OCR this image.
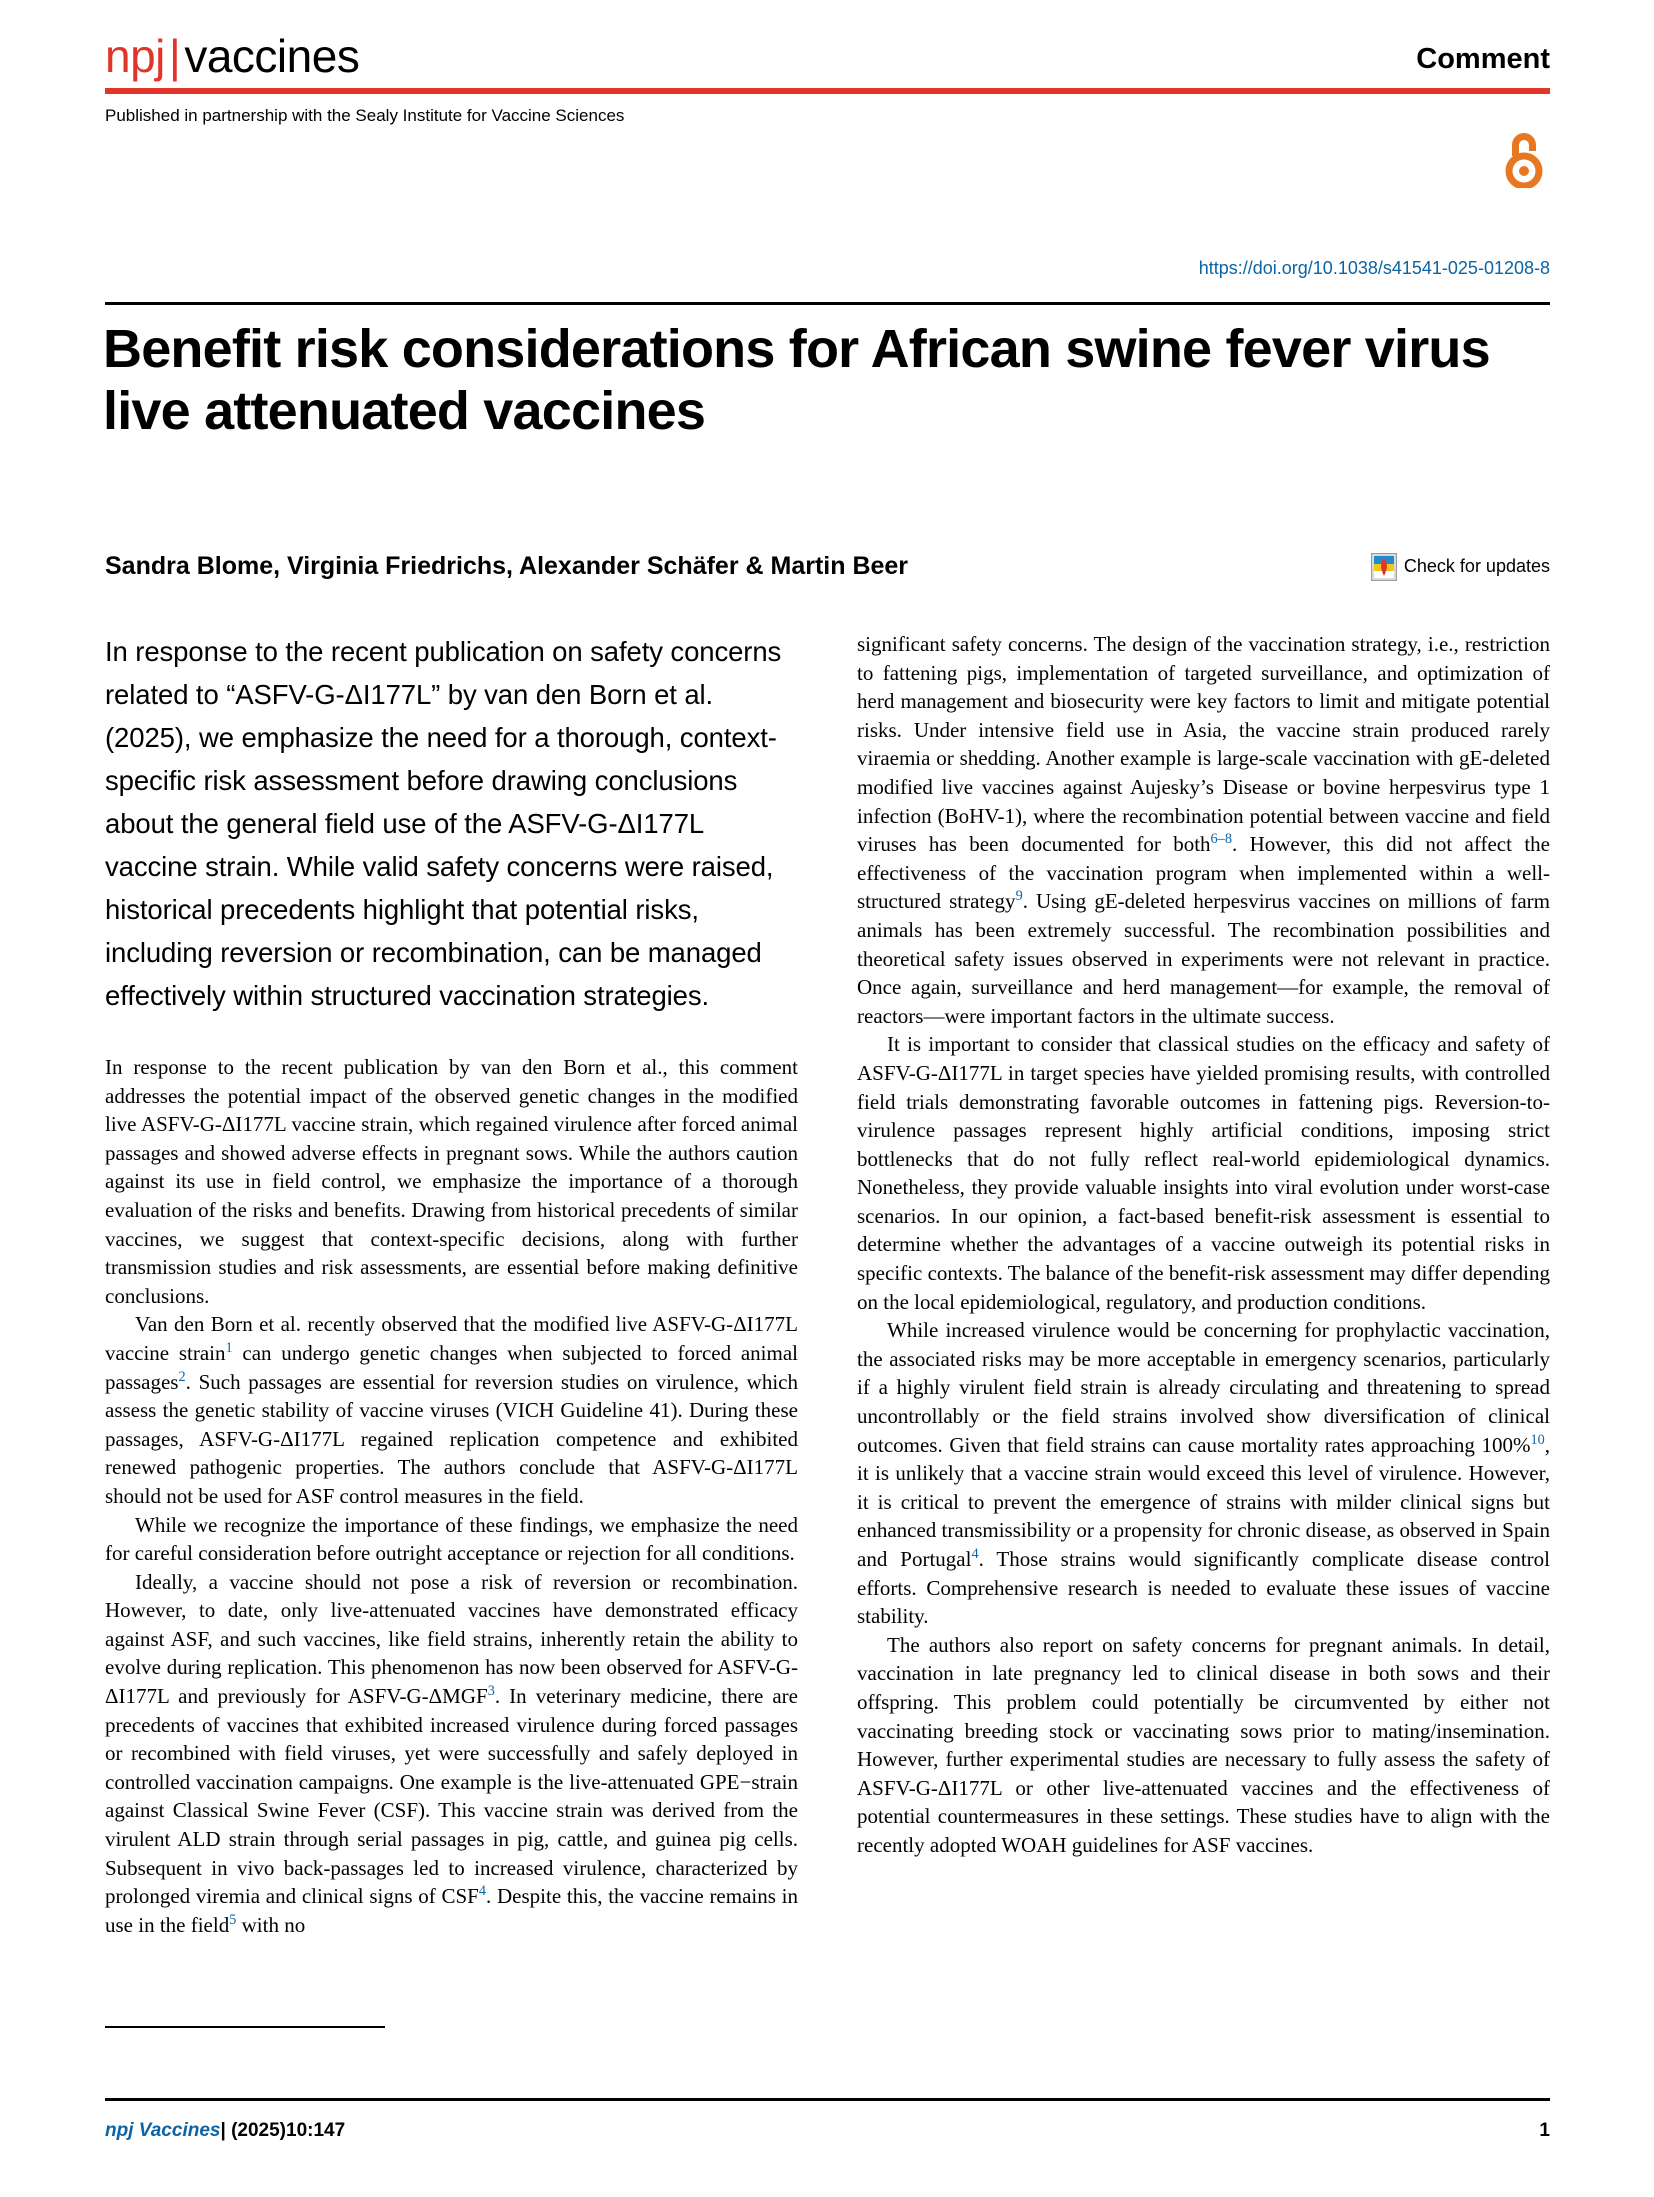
npj|vaccines	Comment
Published in partnership with the Sealy Institute for Vaccine Sciences
https://doi.org/10.1038/s41541-025-01208-8
Benefit risk considerations for African swine fever virus live attenuated vaccines
Sandra Blome, Virginia Friedrichs, Alexander Schäfer & Martin Beer	Check for updates

In response to the recent publication on safety concerns related to “ASFV-G-ΔI177L” by van den Born et al. (2025), we emphasize the need for a thorough, context-specific risk assessment before drawing conclusions about the general field use of the ASFV-G-ΔI177L vaccine strain. While valid safety concerns were raised, historical precedents highlight that potential risks, including reversion or recombination, can be managed effectively within structured vaccination strategies.

In response to the recent publication by van den Born et al., this comment addresses the potential impact of the observed genetic changes in the modified live ASFV-G-ΔI177L vaccine strain, which regained virulence after forced animal passages and showed adverse effects in pregnant sows. While the authors caution against its use in field control, we emphasize the importance of a thorough evaluation of the risks and benefits. Drawing from historical precedents of similar vaccines, we suggest that context-specific decisions, along with further transmission studies and risk assessments, are essential before making definitive conclusions.

Van den Born et al. recently observed that the modified live ASFV-G-ΔI177L vaccine strain$^1$ can undergo genetic changes when subjected to forced animal passages$^2$. Such passages are essential for reversion studies on virulence, which assess the genetic stability of vaccine viruses (VICH Guideline 41). During these passages, ASFV-G-ΔI177L regained replication competence and exhibited renewed pathogenic properties. The authors conclude that ASFV-G-ΔI177L should not be used for ASF control measures in the field.

While we recognize the importance of these findings, we emphasize the need for careful consideration before outright acceptance or rejection for all conditions.

Ideally, a vaccine should not pose a risk of reversion or recombination. However, to date, only live-attenuated vaccines have demonstrated efficacy against ASF, and such vaccines, like field strains, inherently retain the ability to evolve during replication. This phenomenon has now been observed for ASFV-G-ΔI177L and previously for ASFV-G-ΔMGF$^3$. In veterinary medicine, there are precedents of vaccines that exhibited increased virulence during forced passages or recombined with field viruses, yet were successfully and safely deployed in controlled vaccination campaigns. One example is the live-attenuated GPE−strain against Classical Swine Fever (CSF). This vaccine strain was derived from the virulent ALD strain through serial passages in pig, cattle, and guinea pig cells. Subsequent in vivo back-passages led to increased virulence, characterized by prolonged viremia and clinical signs of CSF$^4$. Despite this, the vaccine remains in use in the field$^5$ with no

significant safety concerns. The design of the vaccination strategy, i.e., restriction to fattening pigs, implementation of targeted surveillance, and optimization of herd management and biosecurity were key factors to limit and mitigate potential risks. Under intensive field use in Asia, the vaccine strain produced rarely viraemia or shedding. Another example is large-scale vaccination with gE-deleted modified live vaccines against Aujesky’s Disease or bovine herpesvirus type 1 infection (BoHV-1), where the recombination potential between vaccine and field viruses has been documented for both$^{6-8}$. However, this did not affect the effectiveness of the vaccination program when implemented within a well-structured strategy$^9$. Using gE-deleted herpesvirus vaccines on millions of farm animals has been extremely successful. The recombination possibilities and theoretical safety issues observed in experiments were not relevant in practice. Once again, surveillance and herd management—for example, the removal of reactors—were important factors in the ultimate success.

It is important to consider that classical studies on the efficacy and safety of ASFV-G-ΔI177L in target species have yielded promising results, with controlled field trials demonstrating favorable outcomes in fattening pigs. Reversion-to-virulence passages represent highly artificial conditions, imposing strict bottlenecks that do not fully reflect real-world epidemiological dynamics. Nonetheless, they provide valuable insights into viral evolution under worst-case scenarios. In our opinion, a fact-based benefit-risk assessment is essential to determine whether the advantages of a vaccine outweigh its potential risks in specific contexts. The balance of the benefit-risk assessment may differ depending on the local epidemiological, regulatory, and production conditions.

While increased virulence would be concerning for prophylactic vaccination, the associated risks may be more acceptable in emergency scenarios, particularly if a highly virulent field strain is already circulating and threatening to spread uncontrollably or the field strains involved show diversification of clinical outcomes. Given that field strains can cause mortality rates approaching 100%$^{10}$, it is unlikely that a vaccine strain would exceed this level of virulence. However, it is critical to prevent the emergence of strains with milder clinical signs but enhanced transmissibility or a propensity for chronic disease, as observed in Spain and Portugal$^4$. Those strains would significantly complicate disease control efforts. Comprehensive research is needed to evaluate these issues of vaccine stability.

The authors also report on safety concerns for pregnant animals. In detail, vaccination in late pregnancy led to clinical disease in both sows and their offspring. This problem could potentially be circumvented by either not vaccinating breeding stock or vaccinating sows prior to mating/insemination. However, further experimental studies are necessary to fully assess the safety of ASFV-G-ΔI177L or other live-attenuated vaccines and the effectiveness of potential countermeasures in these settings. These studies have to align with the recently adopted WOAH guidelines for ASF vaccines.

npj Vaccines| (2025)10:147	1
